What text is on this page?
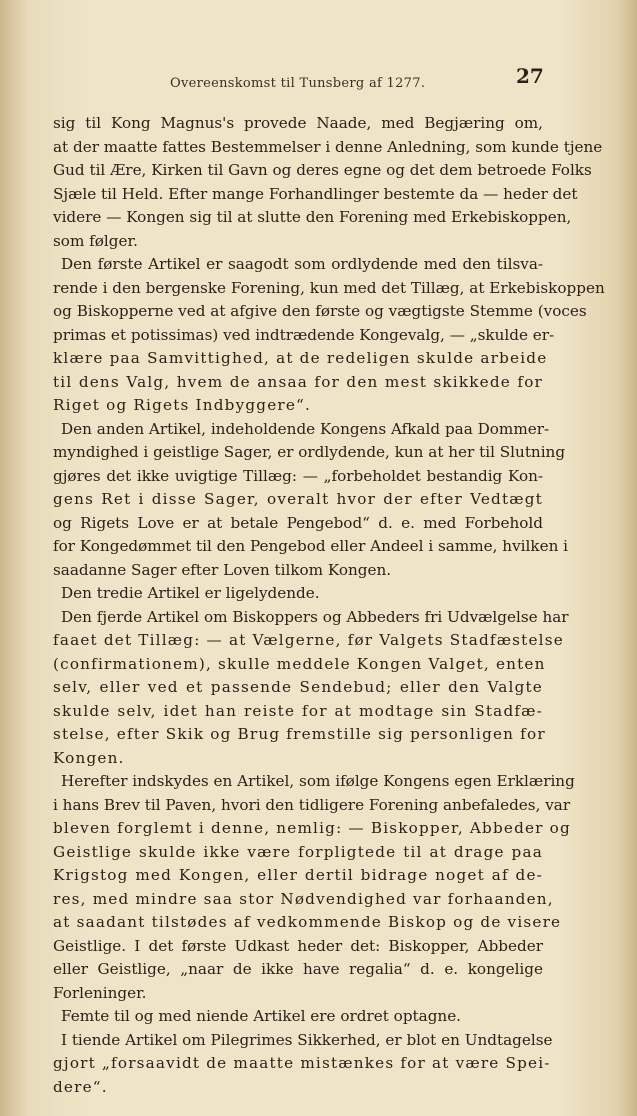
Overeenskomst til Tunsberg af 1277.	27
sig til Kong Magnus's provede Naade, med Begjæring om,
at der maatte fattes Bestemmelser i denne Anledning, som kunde tjene
Gud til Ære, Kirken til Gavn og deres egne og det dem betroede Folks
Sjæle til Held. Efter mange Forhandlinger bestemte da — heder det
videre — Kongen sig til at slutte den Forening med Erkebiskoppen,
som følger.
Den første Artikel er saagodt som ordlydende med den tilsva-
rende i den bergenske Forening, kun med det Tillæg, at Erkebiskoppen
og Biskopperne ved at afgive den første og vægtigste Stemme (voces
primas et potissimas) ved indtrædende Kongevalg, — „skulde er-
klære paa Samvittighed, at de redeligen skulde arbeide
til dens Valg, hvem de ansaa for den mest skikkede for
Riget og Rigets Indbyggere“.
Den anden Artikel, indeholdende Kongens Afkald paa Dommer-
myndighed i geistlige Sager, er ordlydende, kun at her til Slutning
gjøres det ikke uvigtige Tillæg: — „forbeholdet bestandig Kon-
gens Ret i disse Sager, overalt hvor der efter Vedtægt
og Rigets Love er at betale Pengebod“ d. e. med Forbehold
for Kongedømmet til den Pengebod eller Andeel i samme, hvilken i
saadanne Sager efter Loven tilkom Kongen.
Den tredie Artikel er ligelydende.
Den fjerde Artikel om Biskoppers og Abbeders fri Udvælgelse har
faaet det Tillæg: — at Vælgerne, før Valgets Stadfæstelse
(confirmationem), skulle meddele Kongen Valget, enten
selv, eller ved et passende Sendebud; eller den Valgte
skulde selv, idet han reiste for at modtage sin Stadfæ-
stelse, efter Skik og Brug fremstille sig personligen for
Kongen.
Herefter indskydes en Artikel, som ifølge Kongens egen Erklæring
i hans Brev til Paven, hvori den tidligere Forening anbefaledes, var
bleven forglemt i denne, nemlig: — Biskopper, Abbeder og
Geistlige skulde ikke være forpligtede til at drage paa
Krigstog med Kongen, eller dertil bidrage noget af de-
res, med mindre saa stor Nødvendighed var forhaanden,
at saadant tilstødes af vedkommende Biskop og de visere
Geistlige. I det første Udkast heder det: Biskopper, Abbeder
eller Geistlige, „naar de ikke have regalia“ d. e. kongelige
Forleninger.
Femte til og med niende Artikel ere ordret optagne.
I tiende Artikel om Pilegrimes Sikkerhed, er blot en Undtagelse
gjort „forsaavidt de maatte mistænkes for at være Spei-
dere“.
